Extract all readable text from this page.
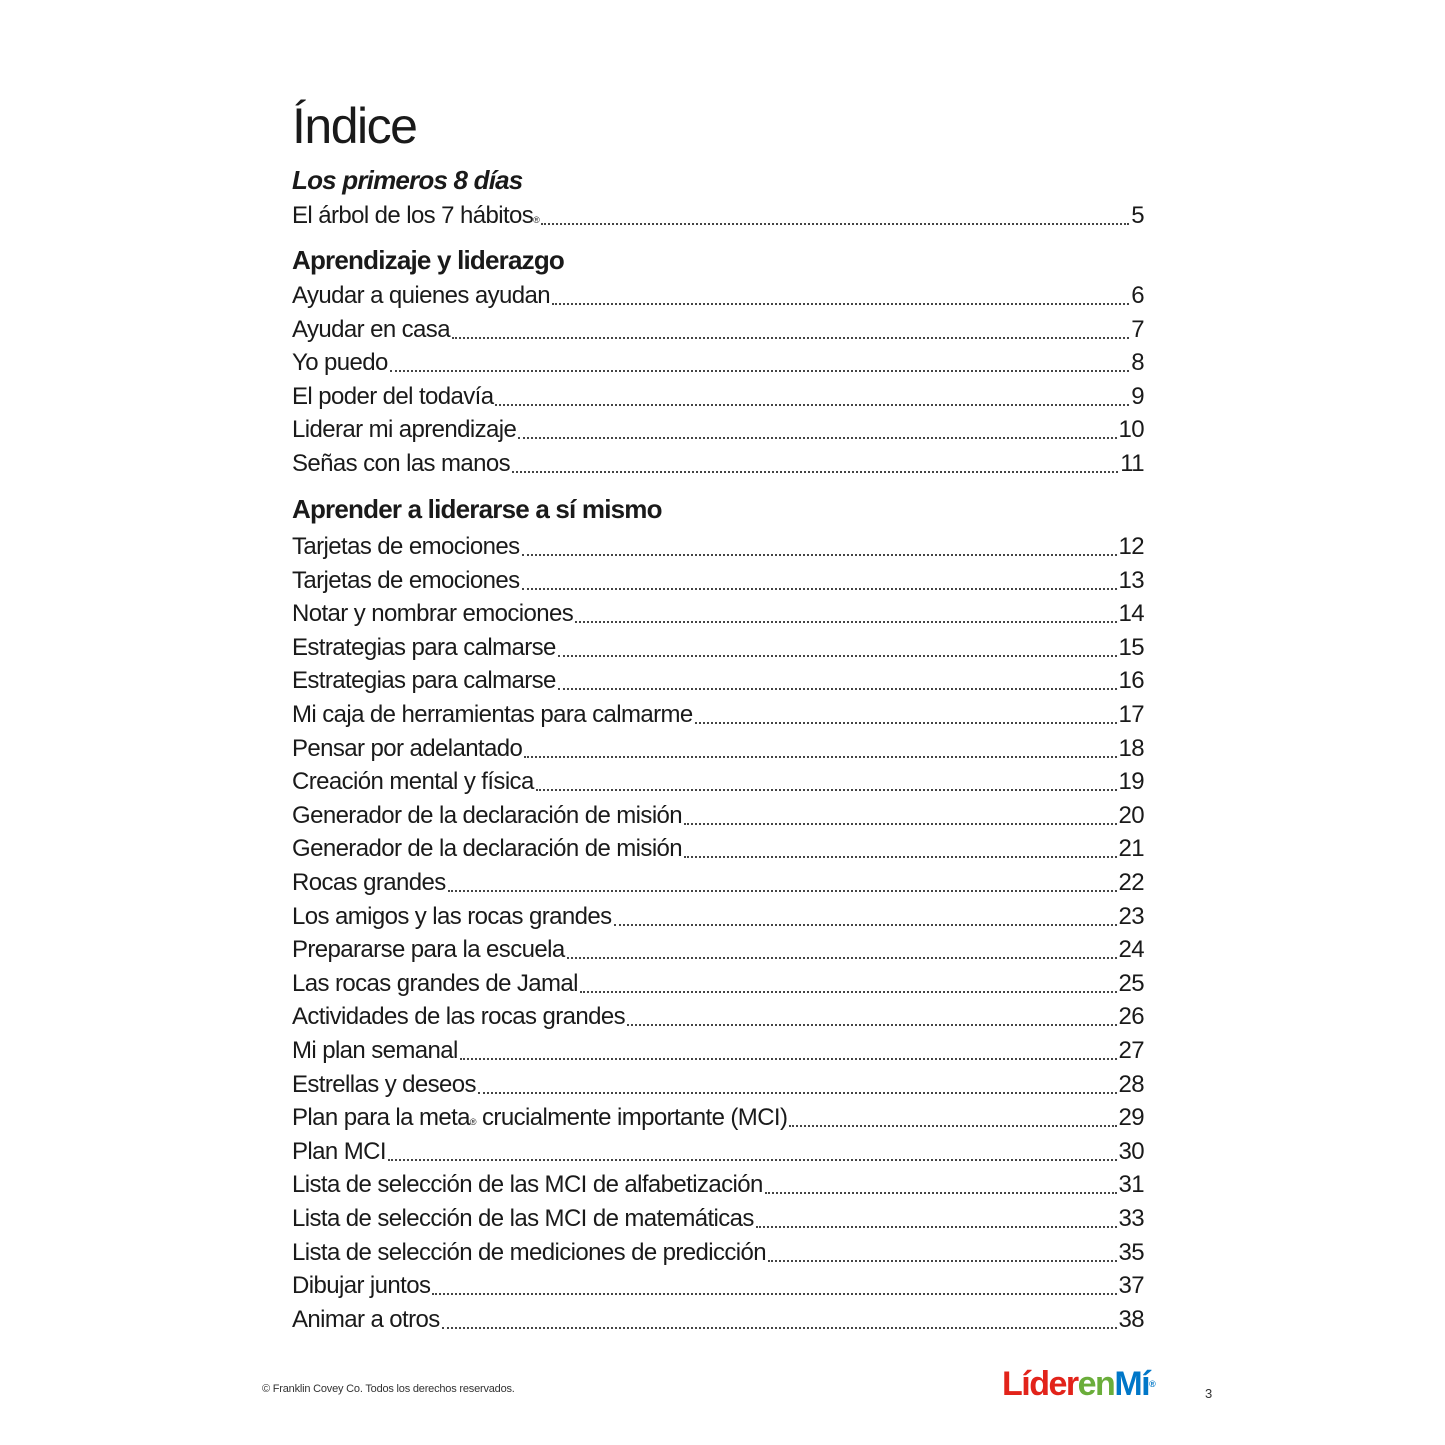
Índice
Los primeros 8 días
El árbol de los 7 hábitos®	5
Aprendizaje y liderazgo
Ayudar a quienes ayudan	6
Ayudar en casa	7
Yo puedo	8
El poder del todavía	9
Liderar mi aprendizaje	10
Señas con las manos	11
Aprender a liderarse a sí mismo
Tarjetas de emociones	12
Tarjetas de emociones	13
Notar y nombrar emociones	14
Estrategias para calmarse	15
Estrategias para calmarse	16
Mi caja de herramientas para calmarme	17
Pensar por adelantado	18
Creación mental y física	19
Generador de la declaración de misión	20
Generador de la declaración de misión	21
Rocas grandes	22
Los amigos y las rocas grandes	23
Prepararse para la escuela	24
Las rocas grandes de Jamal	25
Actividades de las rocas grandes	26
Mi plan semanal	27
Estrellas y deseos	28
Plan para la meta® crucialmente importante (MCI)	29
Plan MCI	30
Lista de selección de las MCI de alfabetización	31
Lista de selección de las MCI de matemáticas	33
Lista de selección de mediciones de predicción	35
Dibujar juntos	37
Animar a otros	38
© Franklin Covey Co. Todos los derechos reservados.	LíderenMí®
3
